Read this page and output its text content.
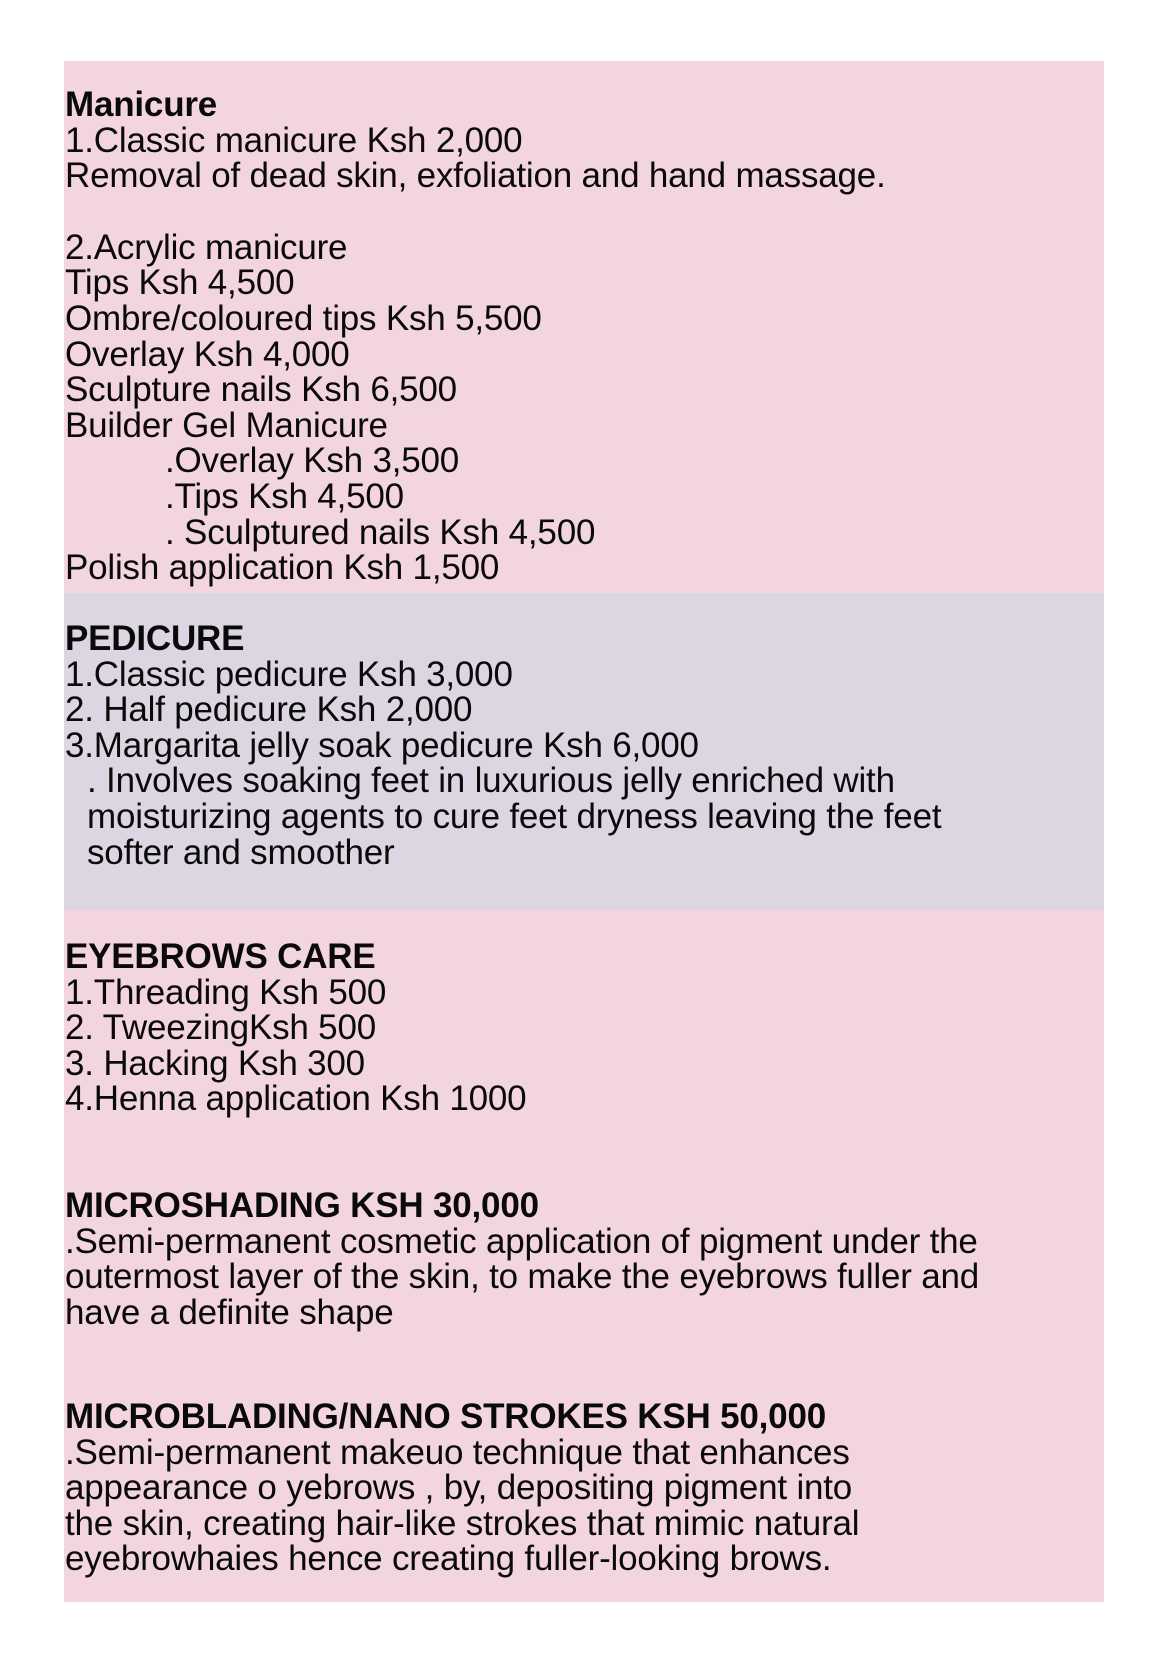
Manicure
1.Classic manicure Ksh 2,000
Removal of dead skin, exfoliation and hand massage.
2.Acrylic manicure
Tips Ksh 4,500
Ombre/coloured tips Ksh 5,500
Overlay Ksh 4,000
Sculpture nails Ksh 6,500
Builder Gel Manicure
.Overlay Ksh 3,500
.Tips Ksh 4,500
. Sculptured nails Ksh 4,500
Polish application Ksh 1,500
PEDICURE
1.Classic pedicure Ksh 3,000
2. Half pedicure Ksh 2,000
3.Margarita jelly soak pedicure Ksh 6,000
. Involves soaking feet in luxurious jelly enriched with
moisturizing agents to cure feet dryness leaving the feet
softer and smoother
EYEBROWS CARE
1.Threading Ksh 500
2. TweezingKsh 500
3. Hacking Ksh 300
4.Henna application Ksh 1000
MICROSHADING KSH 30,000
.Semi-permanent cosmetic application of pigment under the
outermost layer of the skin, to make the eyebrows fuller and
have a definite shape
MICROBLADING/NANO STROKES KSH 50,000
.Semi-permanent makeuo technique that enhances
appearance o yebrows , by, depositing pigment into
the skin, creating hair-like strokes that mimic natural
eyebrowhaies hence creating fuller-looking brows.
